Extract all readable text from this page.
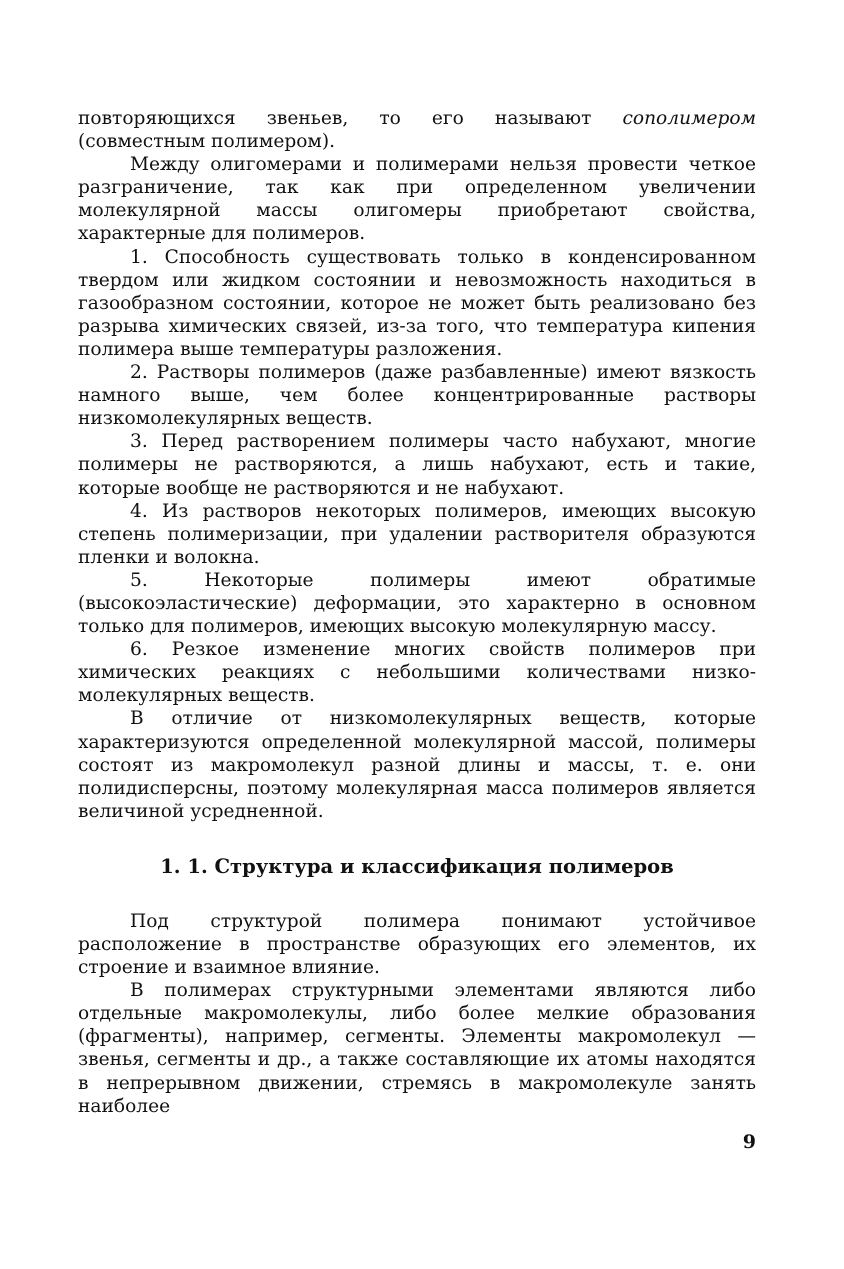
повторяющихся звеньев, то его называют сополимером (совместным полимером).

Между олигомерами и полимерами нельзя провести четкое разграничение, так как при определенном увеличении молекулярной массы олигомеры приобретают свойства, характерные для полимеров.

1. Способность существовать только в конденсированном твердом или жидком состоянии и невозможность находиться в газообразном состоянии, которое не может быть реализовано без разрыва химических связей, из-за того, что температура кипения полимера выше температуры разложения.

2. Растворы полимеров (даже разбавленные) имеют вязкость намного выше, чем более концентрированные растворы низкомолекулярных веществ.

3. Перед растворением полимеры часто набухают, многие полимеры не растворяются, а лишь набухают, есть и такие, которые вообще не растворяются и не набухают.

4. Из растворов некоторых полимеров, имеющих высокую степень полимеризации, при удалении растворителя образуются пленки и волокна.

5. Некоторые полимеры имеют обратимые (высокоэластические) деформации, это характерно в основном только для полимеров, имеющих высокую молекулярную массу.

6. Резкое изменение многих свойств полимеров при химических реакциях с небольшими количествами низко-молекулярных веществ.

В отличие от низкомолекулярных веществ, которые характеризуются определенной молекулярной массой, полимеры состоят из макромолекул разной длины и массы, т. е. они полидисперсны, поэтому молекулярная масса полимеров является величиной усредненной.

1. 1. Структура и классификация полимеров

Под структурой полимера понимают устойчивое расположение в пространстве образующих его элементов, их строение и взаимное влияние.

В полимерах структурными элементами являются либо отдельные макромолекулы, либо более мелкие образования (фрагменты), например, сегменты. Элементы макромолекул — звенья, сегменты и др., а также составляющие их атомы находятся в непрерывном движении, стремясь в макромолекуле занять наиболее

9
